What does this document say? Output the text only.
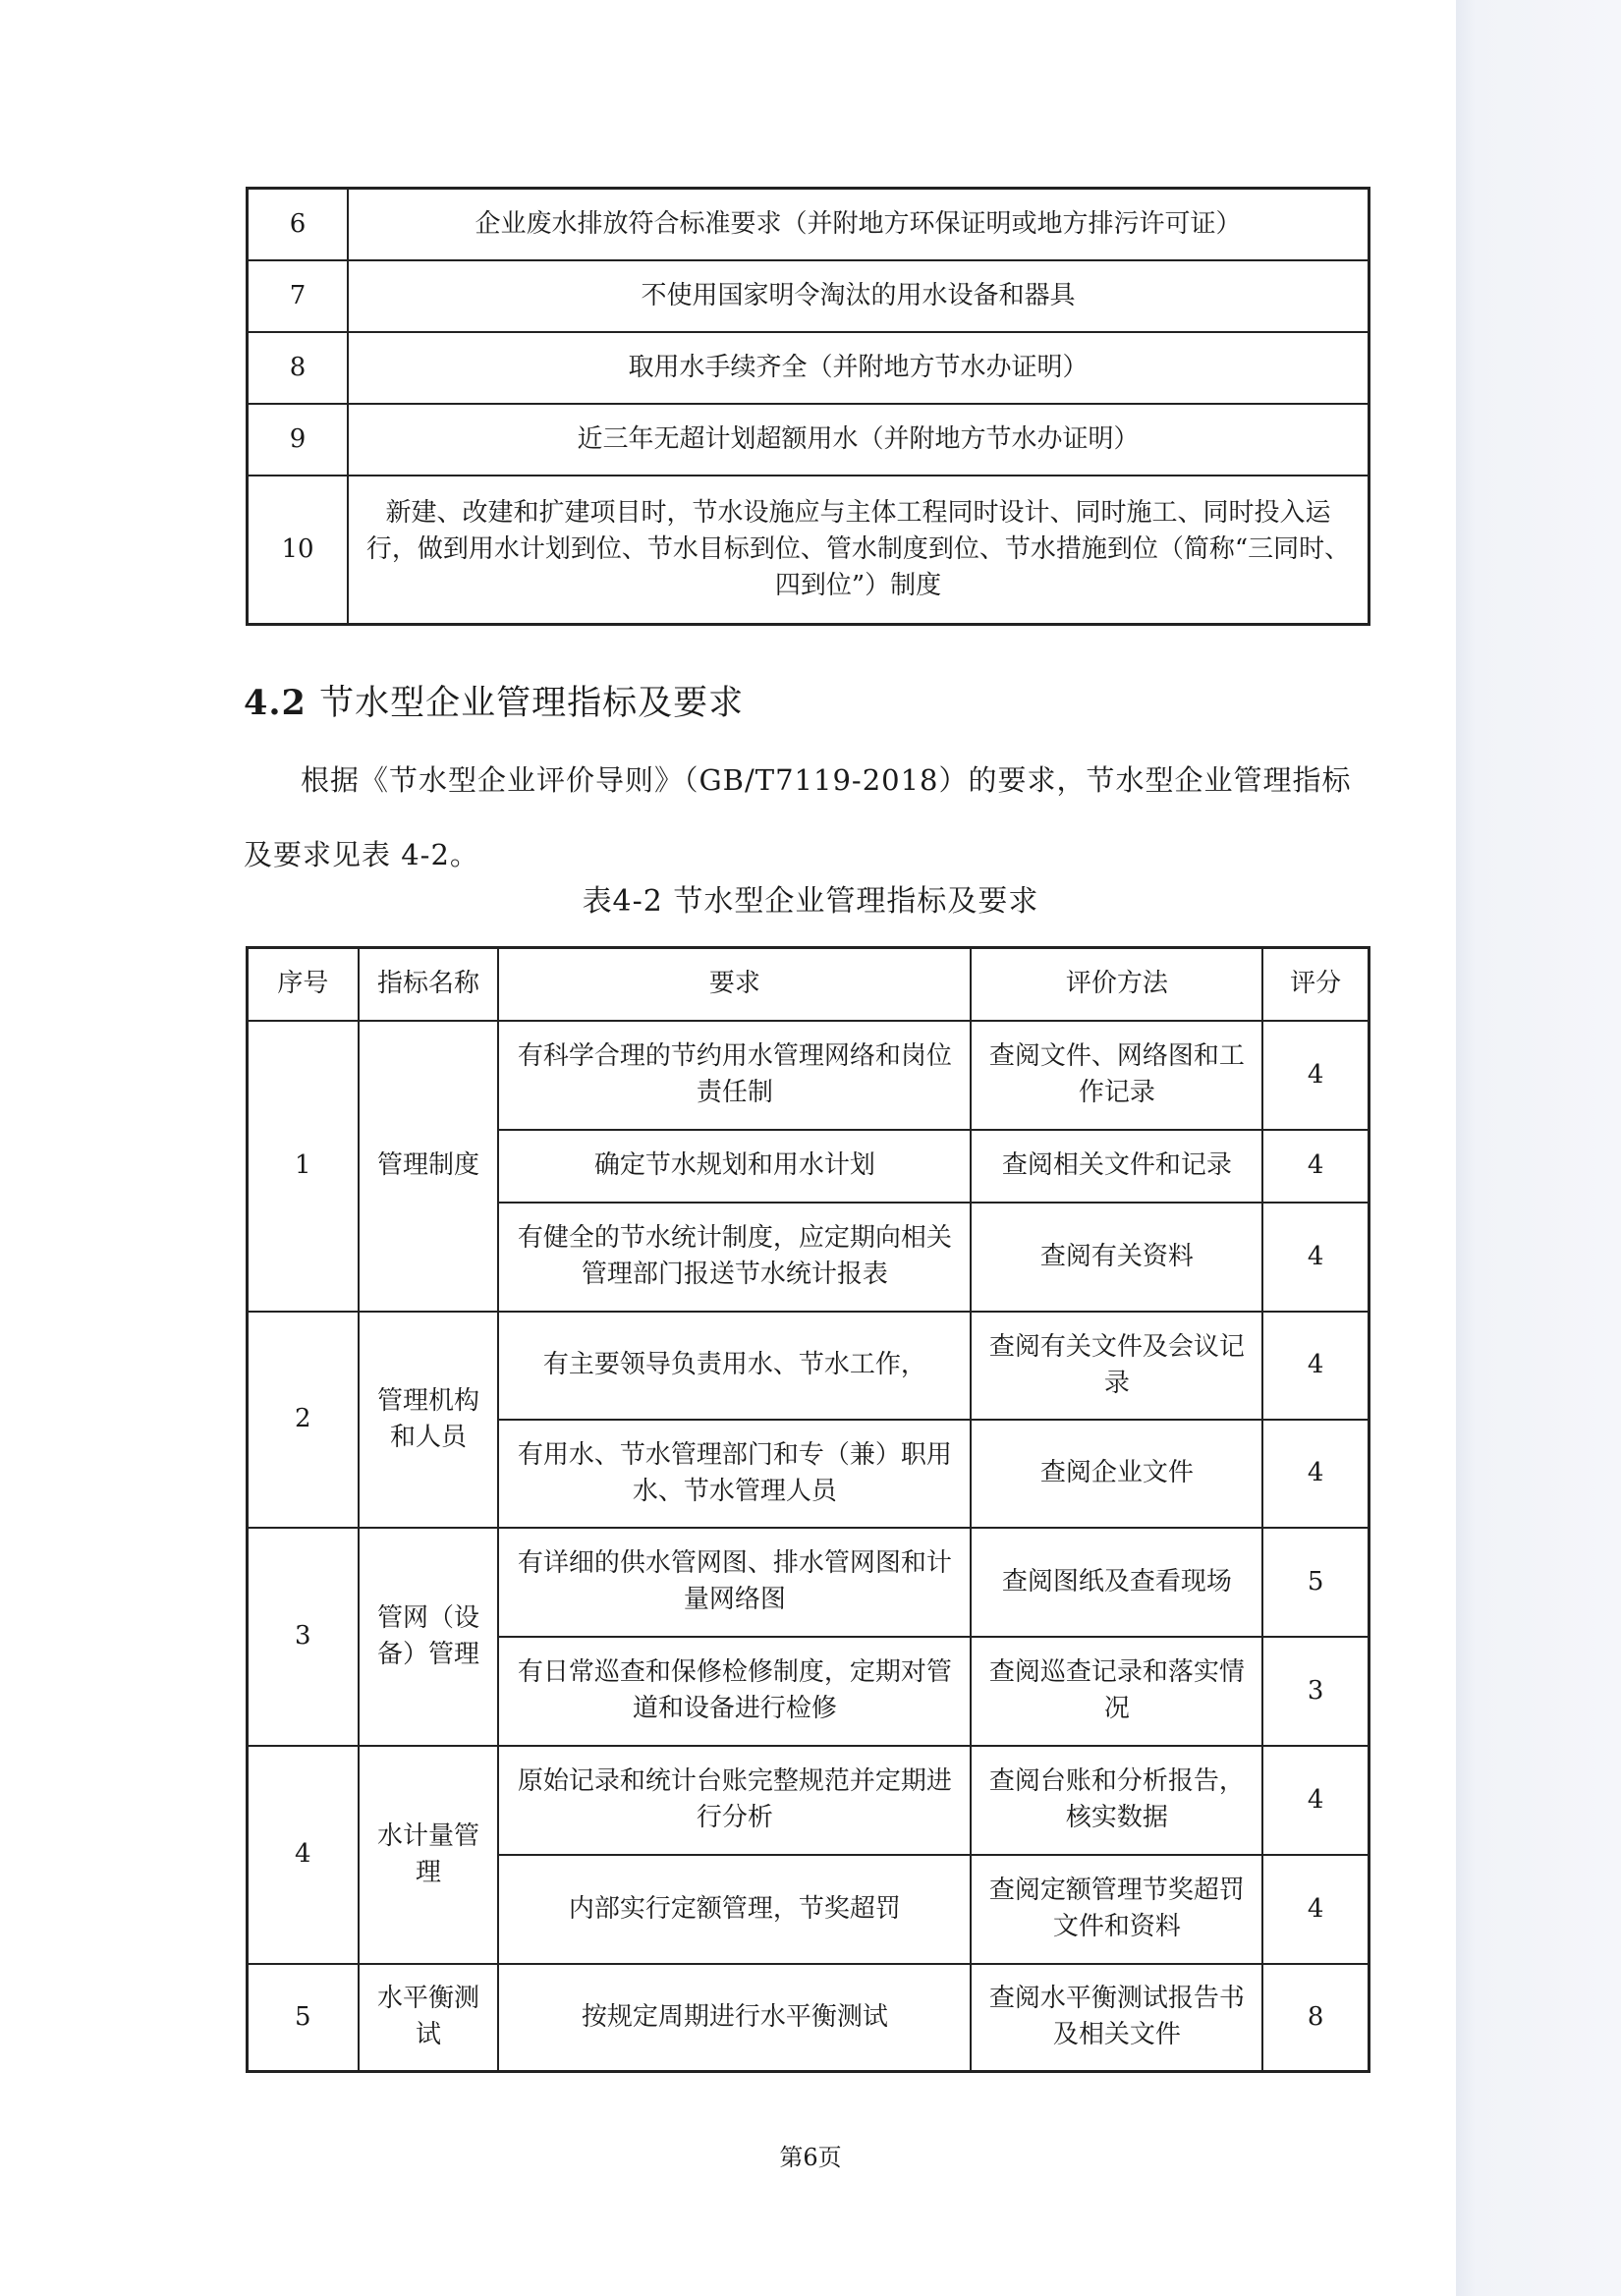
6	企业废水排放符合标准要求（并附地方环保证明或地方排污许可证）
7	不使用国家明令淘汰的用水设备和器具
8	取用水手续齐全（并附地方节水办证明）
9	近三年无超计划超额用水（并附地方节水办证明）
10	新建、改建和扩建项目时，节水设施应与主体工程同时设计、同时施工、同时投入运行，做到用水计划到位、节水目标到位、管水制度到位、节水措施到位（简称“三同时、四到位”）制度
4.2 节水型企业管理指标及要求

根据《节水型企业评价导则》（GB/T7119-2018）的要求，节水型企业管理指标及要求见表 4-2。

表4-2 节水型企业管理指标及要求

序号	指标名称	要求	评价方法	评分
1	管理制度	有科学合理的节约用水管理网络和岗位责任制	查阅文件、网络图和工作记录	4
		确定节水规划和用水计划	查阅相关文件和记录	4
		有健全的节水统计制度，应定期向相关管理部门报送节水统计报表	查阅有关资料	4
2	管理机构和人员	有主要领导负责用水、节水工作，	查阅有关文件及会议记录	4
		有用水、节水管理部门和专（兼）职用水、节水管理人员	查阅企业文件	4
3	管网（设备）管理	有详细的供水管网图、排水管网图和计量网络图	查阅图纸及查看现场	5
		有日常巡查和保修检修制度，定期对管道和设备进行检修	查阅巡查记录和落实情况	3
4	水计量管理	原始记录和统计台账完整规范并定期进行分析	查阅台账和分析报告，核实数据	4
		内部实行定额管理，节奖超罚	查阅定额管理节奖超罚文件和资料	4
5	水平衡测试	按规定周期进行水平衡测试	查阅水平衡测试报告书及相关文件	8

第6页
